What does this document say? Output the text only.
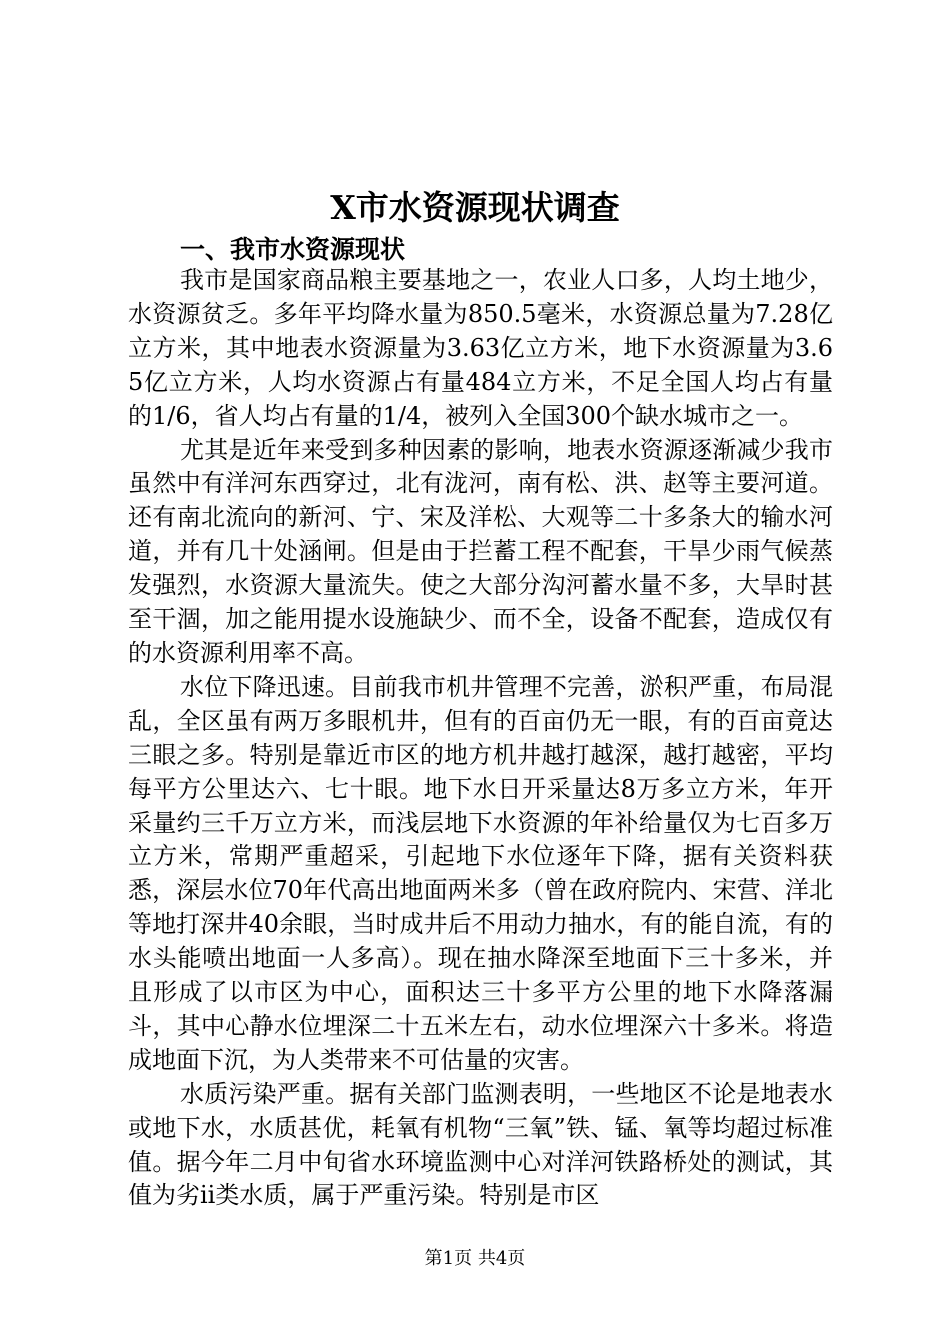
X市水资源现状调查
一、我市水资源现状

我市是国家商品粮主要基地之一，农业人口多，人均土地少，水资源贫乏。多年平均降水量为850.5毫米，水资源总量为7.28亿立方米，其中地表水资源量为3.63亿立方米，地下水资源量为3.65亿立方米，人均水资源占有量484立方米，不足全国人均占有量的1/6，省人均占有量的1/4，被列入全国300个缺水城市之一。

尤其是近年来受到多种因素的影响，地表水资源逐渐减少我市虽然中有洋河东西穿过，北有泷河，南有松、洪、赵等主要河道。还有南北流向的新河、宁、宋及洋松、大观等二十多条大的输水河道，并有几十处涵闸。但是由于拦蓄工程不配套，干旱少雨气候蒸发强烈，水资源大量流失。使之大部分沟河蓄水量不多，大旱时甚至干涸，加之能用提水设施缺少、而不全，设备不配套，造成仅有的水资源利用率不高。

水位下降迅速。目前我市机井管理不完善，淤积严重，布局混乱，全区虽有两万多眼机井，但有的百亩仍无一眼，有的百亩竟达三眼之多。特别是靠近市区的地方机井越打越深，越打越密，平均每平方公里达六、七十眼。地下水日开采量达8万多立方米，年开采量约三千万立方米，而浅层地下水资源的年补给量仅为七百多万立方米，常期严重超采，引起地下水位逐年下降，据有关资料获悉，深层水位70年代高出地面两米多（曾在政府院内、宋营、洋北等地打深井40余眼，当时成井后不用动力抽水，有的能自流，有的水头能喷出地面一人多高）。现在抽水降深至地面下三十多米，并且形成了以市区为中心，面积达三十多平方公里的地下水降落漏斗，其中心静水位埋深二十五米左右，动水位埋深六十多米。将造成地面下沉，为人类带来不可估量的灾害。

水质污染严重。据有关部门监测表明，一些地区不论是地表水或地下水，水质甚优，耗氧有机物“三氧”铁、锰、氧等均超过标准值。据今年二月中旬省水环境监测中心对洋河铁路桥处的测试，其值为劣ii类水质，属于严重污染。特别是市区

第1页 共4页
